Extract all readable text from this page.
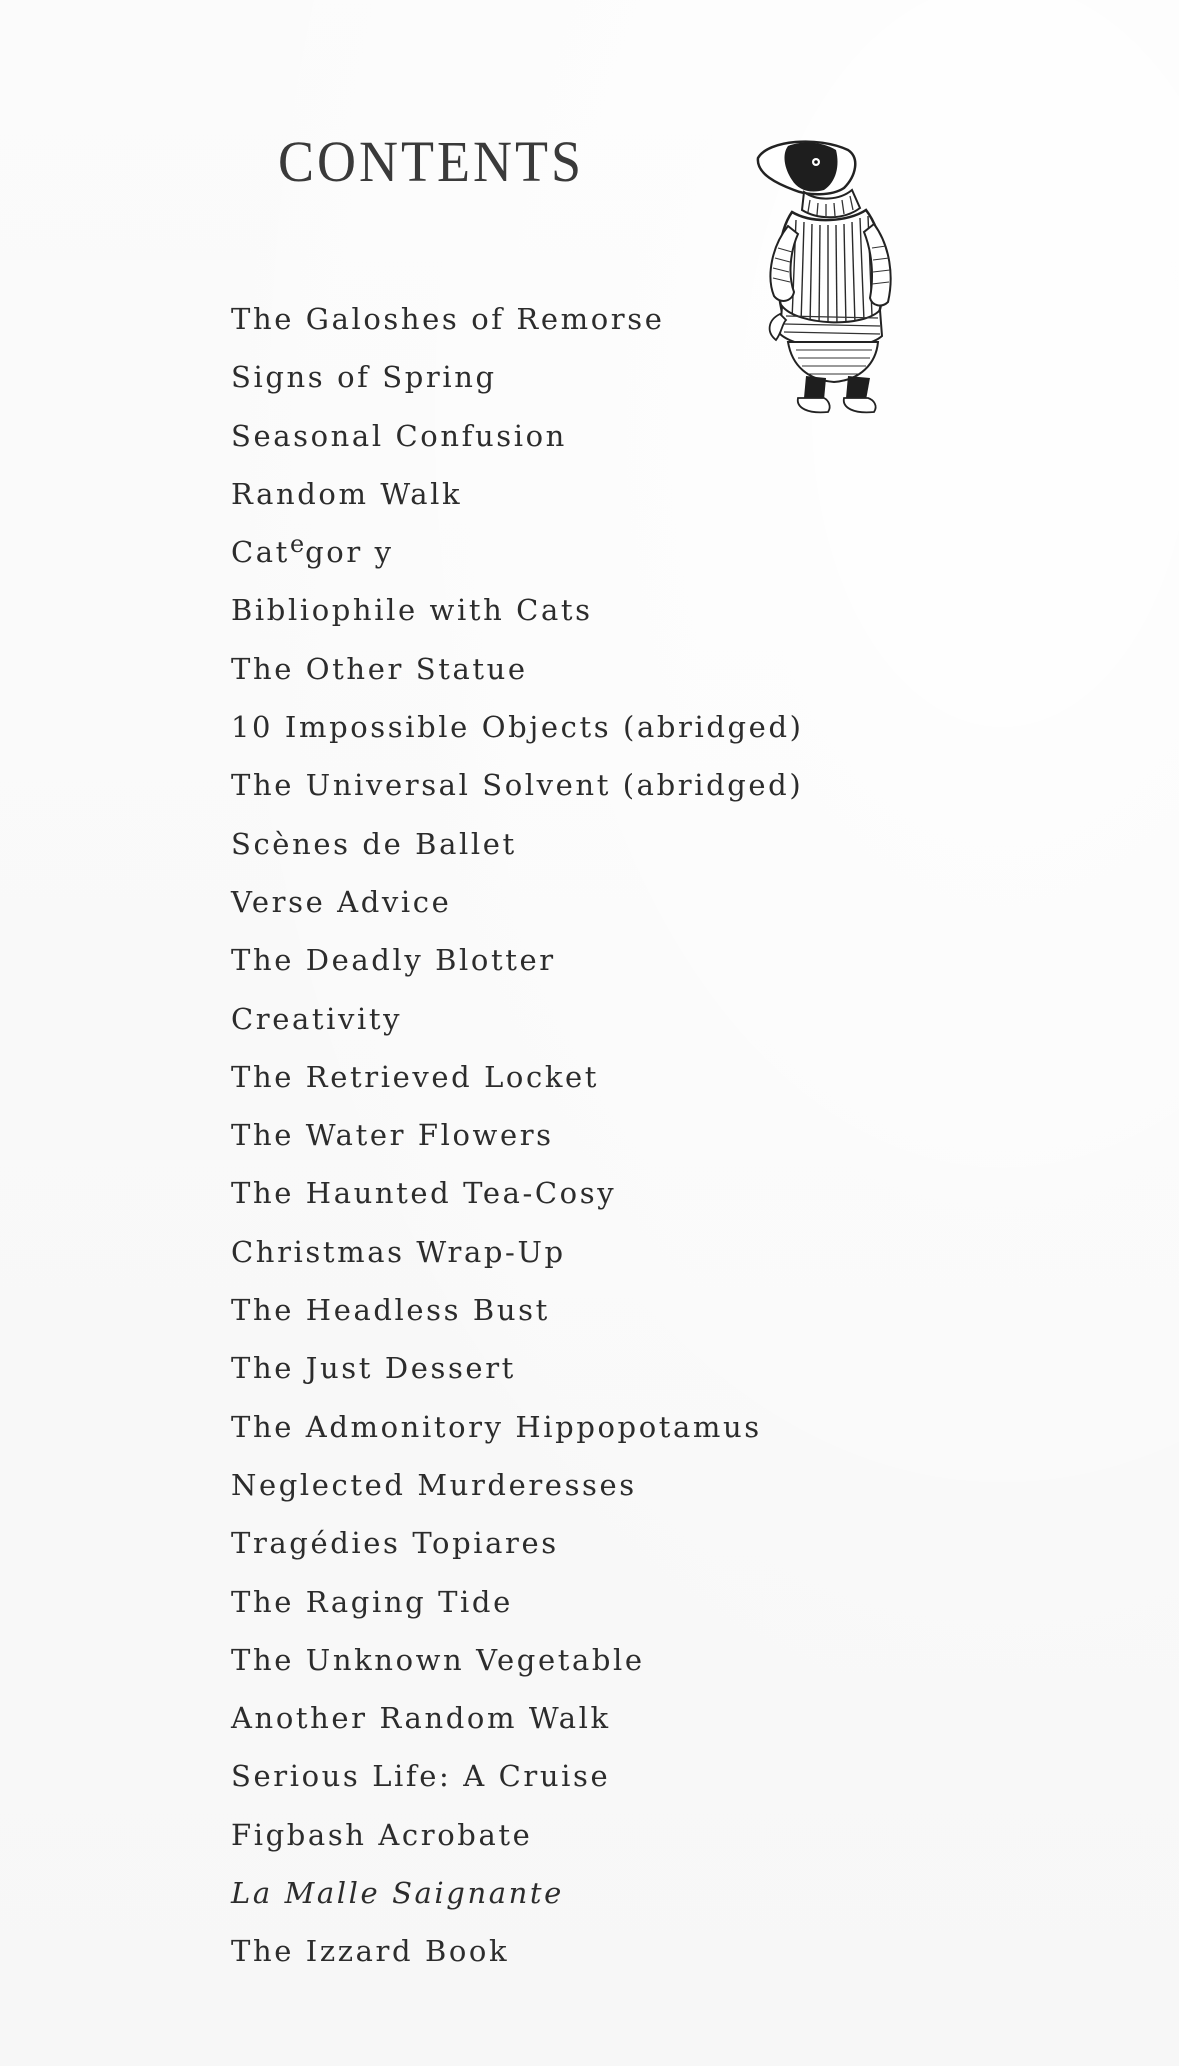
CONTENTS
The Galoshes of Remorse
Signs of Spring
Seasonal Confusion
Random Walk
Cat$^e$gor y
Bibliophile with Cats
The Other Statue
10 Impossible Objects (abridged)
The Universal Solvent (abridged)
Scènes de Ballet
Verse Advice
The Deadly Blotter
Creativity
The Retrieved Locket
The Water Flowers
The Haunted Tea-Cosy
Christmas Wrap-Up
The Headless Bust
The Just Dessert
The Admonitory Hippopotamus
Neglected Murderesses
Tragédies Topiares
The Raging Tide
The Unknown Vegetable
Another Random Walk
Serious Life: A Cruise
Figbash Acrobate
La Malle Saignante
The Izzard Book
